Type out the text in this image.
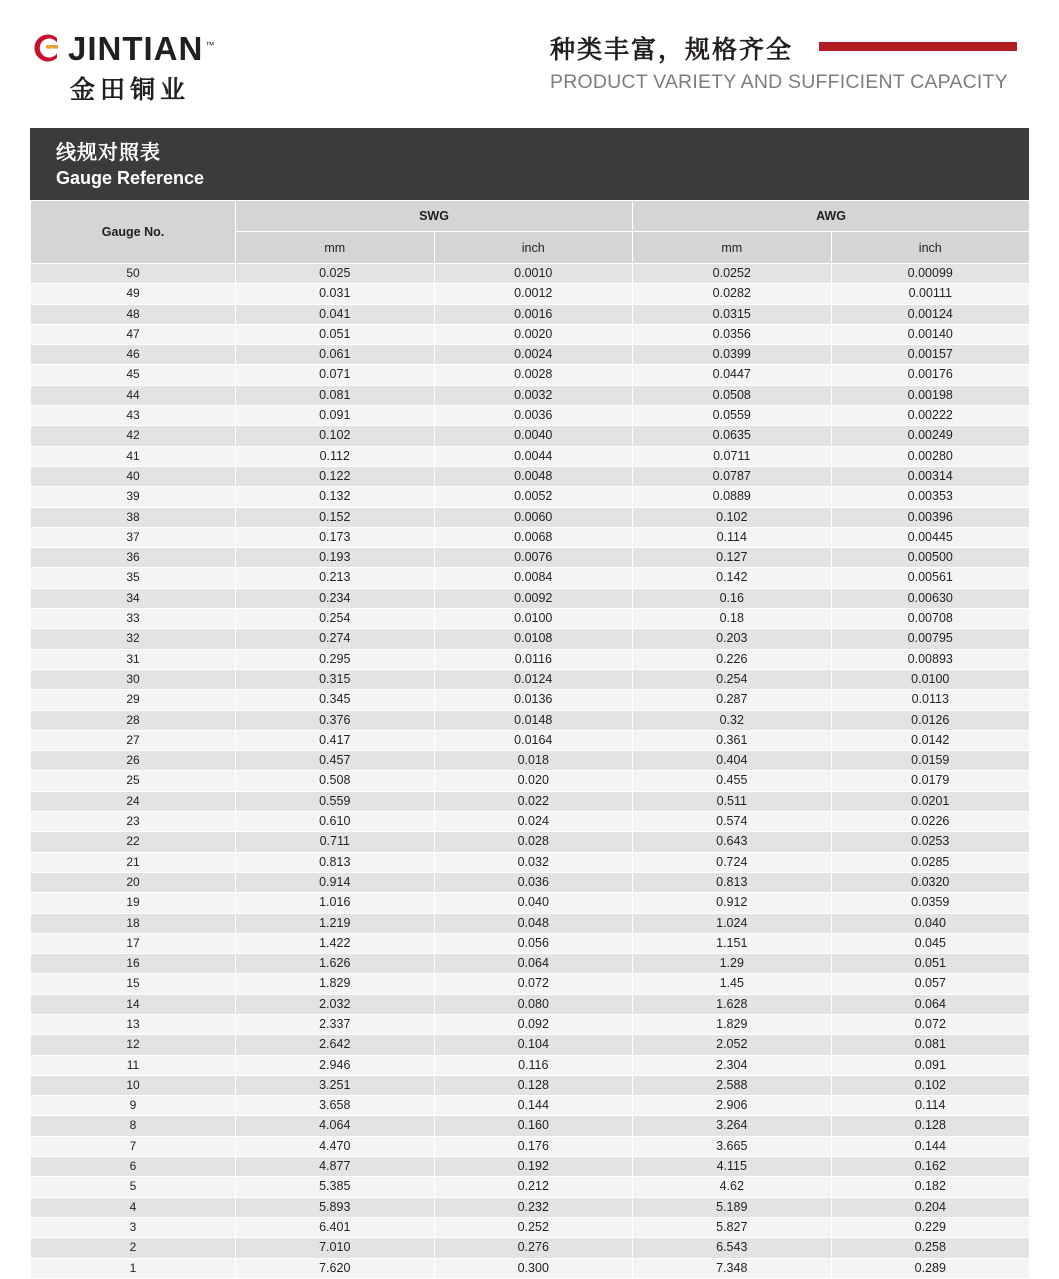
JINTIAN ™
金田铜业
种类丰富，规格齐全
PRODUCT VARIETY AND SUFFICIENT CAPACITY
线规对照表
Gauge Reference
Gauge No.	SWG		AWG	
	mm	inch	mm	inch
50	0.025	0.0010	0.0252	0.00099
49	0.031	0.0012	0.0282	0.00111
48	0.041	0.0016	0.0315	0.00124
47	0.051	0.0020	0.0356	0.00140
46	0.061	0.0024	0.0399	0.00157
45	0.071	0.0028	0.0447	0.00176
44	0.081	0.0032	0.0508	0.00198
43	0.091	0.0036	0.0559	0.00222
42	0.102	0.0040	0.0635	0.00249
41	0.112	0.0044	0.0711	0.00280
40	0.122	0.0048	0.0787	0.00314
39	0.132	0.0052	0.0889	0.00353
38	0.152	0.0060	0.102	0.00396
37	0.173	0.0068	0.114	0.00445
36	0.193	0.0076	0.127	0.00500
35	0.213	0.0084	0.142	0.00561
34	0.234	0.0092	0.16	0.00630
33	0.254	0.0100	0.18	0.00708
32	0.274	0.0108	0.203	0.00795
31	0.295	0.0116	0.226	0.00893
30	0.315	0.0124	0.254	0.0100
29	0.345	0.0136	0.287	0.0113
28	0.376	0.0148	0.32	0.0126
27	0.417	0.0164	0.361	0.0142
26	0.457	0.018	0.404	0.0159
25	0.508	0.020	0.455	0.0179
24	0.559	0.022	0.511	0.0201
23	0.610	0.024	0.574	0.0226
22	0.711	0.028	0.643	0.0253
21	0.813	0.032	0.724	0.0285
20	0.914	0.036	0.813	0.0320
19	1.016	0.040	0.912	0.0359
18	1.219	0.048	1.024	0.040
17	1.422	0.056	1.151	0.045
16	1.626	0.064	1.29	0.051
15	1.829	0.072	1.45	0.057
14	2.032	0.080	1.628	0.064
13	2.337	0.092	1.829	0.072
12	2.642	0.104	2.052	0.081
11	2.946	0.116	2.304	0.091
10	3.251	0.128	2.588	0.102
9	3.658	0.144	2.906	0.114
8	4.064	0.160	3.264	0.128
7	4.470	0.176	3.665	0.144
6	4.877	0.192	4.115	0.162
5	5.385	0.212	4.62	0.182
4	5.893	0.232	5.189	0.204
3	6.401	0.252	5.827	0.229
2	7.010	0.276	6.543	0.258
1	7.620	0.300	7.348	0.289
